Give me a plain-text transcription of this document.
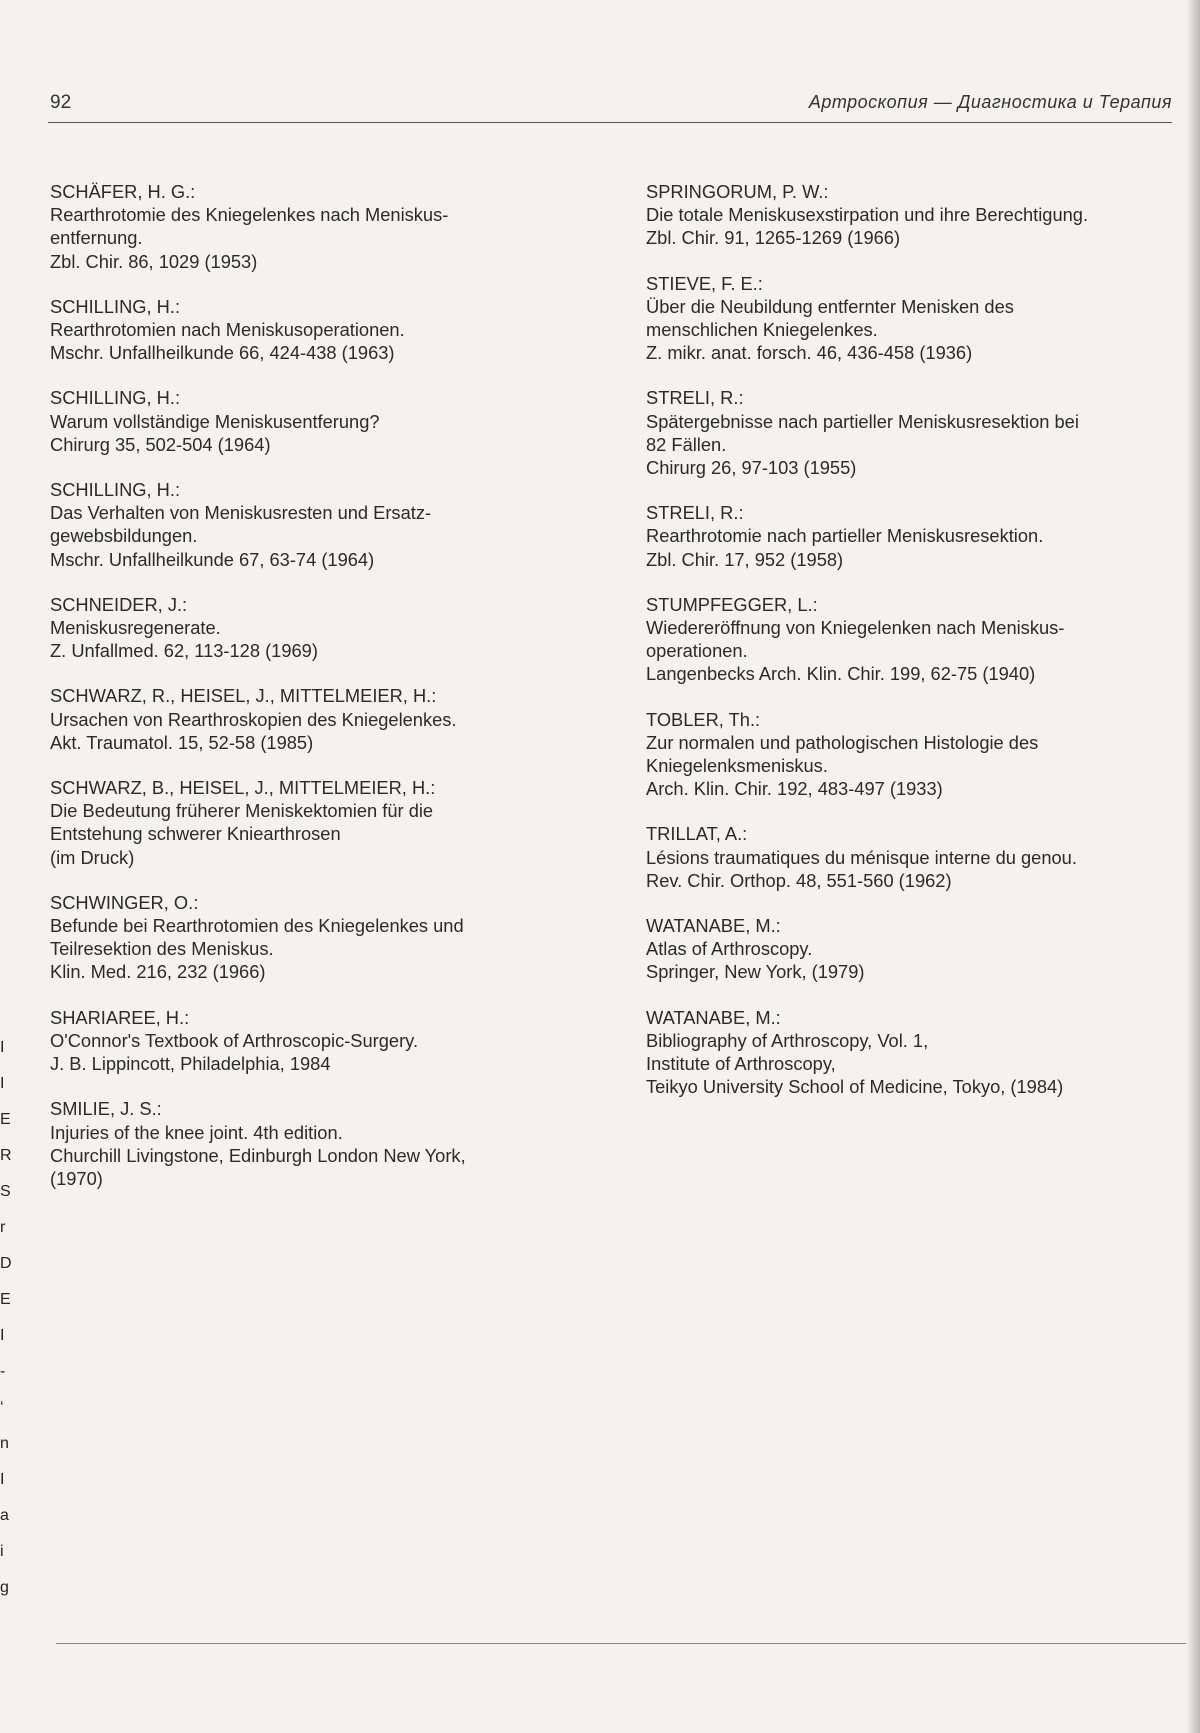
92	Артроскопия — Диагностика и Терапия
SCHÄFER, H. G.:
Rearthrotomie des Kniegelenkes nach Meniskus-
entfernung.
Zbl. Chir. 86, 1029 (1953)
SCHILLING, H.:
Rearthrotomien nach Meniskusoperationen.
Mschr. Unfallheilkunde 66, 424-438 (1963)
SCHILLING, H.:
Warum vollständige Meniskusentferung?
Chirurg 35, 502-504 (1964)
SCHILLING, H.:
Das Verhalten von Meniskusresten und Ersatz-
gewebsbildungen.
Mschr. Unfallheilkunde 67, 63-74 (1964)
SCHNEIDER, J.:
Meniskusregenerate.
Z. Unfallmed. 62, 113-128 (1969)
SCHWARZ, R., HEISEL, J., MITTELMEIER, H.:
Ursachen von Rearthroskopien des Kniegelenkes.
Akt. Traumatol. 15, 52-58 (1985)
SCHWARZ, B., HEISEL, J., MITTELMEIER, H.:
Die Bedeutung früherer Meniskektomien für die
Entstehung schwerer Kniearthrosen
(im Druck)
SCHWINGER, O.:
Befunde bei Rearthrotomien des Kniegelenkes und
Teilresektion des Meniskus.
Klin. Med. 216, 232 (1966)
SHARIAREE, H.:
O'Connor's Textbook of Arthroscopic-Surgery.
J. B. Lippincott, Philadelphia, 1984
SMILIE, J. S.:
Injuries of the knee joint. 4th edition.
Churchill Livingstone, Edinburgh London New York,
(1970)
SPRINGORUM, P. W.:
Die totale Meniskusexstirpation und ihre Berechtigung.
Zbl. Chir. 91, 1265-1269 (1966)
STIEVE, F. E.:
Über die Neubildung entfernter Menisken des
menschlichen Kniegelenkes.
Z. mikr. anat. forsch. 46, 436-458 (1936)
STRELI, R.:
Spätergebnisse nach partieller Meniskusresektion bei
82 Fällen.
Chirurg 26, 97-103 (1955)
STRELI, R.:
Rearthrotomie nach partieller Meniskusresektion.
Zbl. Chir. 17, 952 (1958)
STUMPFEGGER, L.:
Wiedereröffnung von Kniegelenken nach Meniskus-
operationen.
Langenbecks Arch. Klin. Chir. 199, 62-75 (1940)
TOBLER, Th.:
Zur normalen und pathologischen Histologie des
Kniegelenksmeniskus.
Arch. Klin. Chir. 192, 483-497 (1933)
TRILLAT, A.:
Lésions traumatiques du ménisque interne du genou.
Rev. Chir. Orthop. 48, 551-560 (1962)
WATANABE, M.:
Atlas of Arthroscopy.
Springer, New York, (1979)
WATANABE, M.:
Bibliography of Arthroscopy, Vol. 1,
Institute of Arthroscopy,
Teikyo University School of Medicine, Tokyo, (1984)
I
I
E
R
S
r
D
E
I
-
‘
n
I
a
i
g
